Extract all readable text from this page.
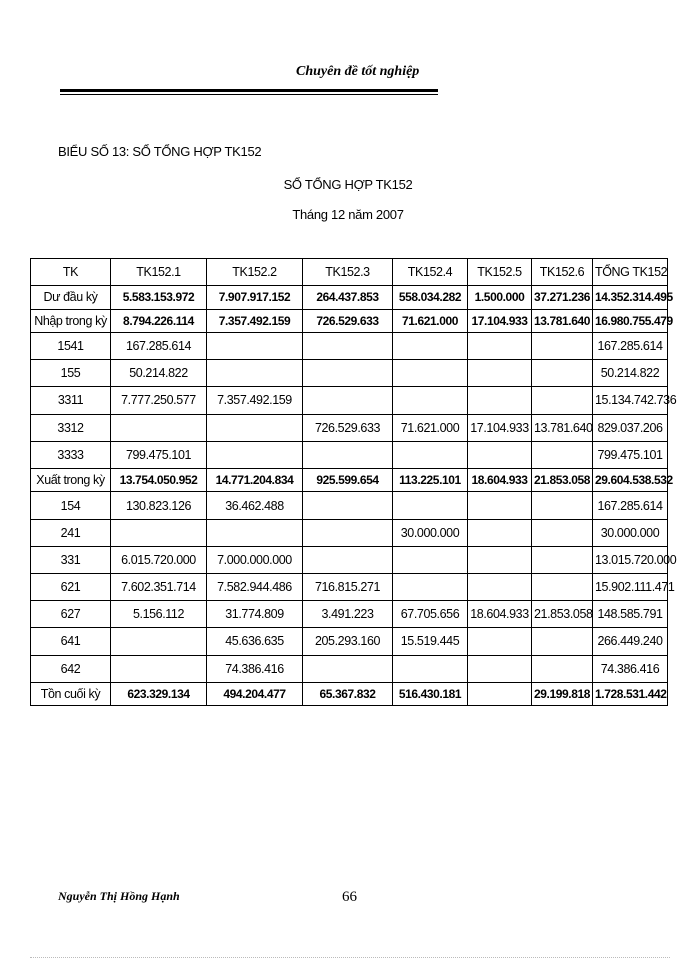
Chuyên đề tốt nghiệp
BIỂU SỐ 13: SỔ TỔNG HỢP TK152
SỔ TỔNG HỢP TK152
Tháng 12 năm 2007
TK	TK152.1	TK152.2	TK152.3	TK152.4	TK152.5	TK152.6	TỔNG TK152
Dư đầu kỳ	5.583.153.972	7.907.917.152	264.437.853	558.034.282	1.500.000	37.271.236	14.352.314.495
Nhập trong kỳ	8.794.226.114	7.357.492.159	726.529.633	71.621.000	17.104.933	13.781.640	16.980.755.479
1541	167.285.614						167.285.614
155	50.214.822						50.214.822
3311	7.777.250.577	7.357.492.159					15.134.742.736
3312			726.529.633	71.621.000	17.104.933	13.781.640	829.037.206
3333	799.475.101						799.475.101
Xuất trong kỳ	13.754.050.952	14.771.204.834	925.599.654	113.225.101	18.604.933	21.853.058	29.604.538.532
154	130.823.126	36.462.488					167.285.614
241				30.000.000			30.000.000
331	6.015.720.000	7.000.000.000					13.015.720.000
621	7.602.351.714	7.582.944.486	716.815.271				15.902.111.471
627	5.156.112	31.774.809	3.491.223	67.705.656	18.604.933	21.853.058	148.585.791
641		45.636.635	205.293.160	15.519.445			266.449.240
642		74.386.416					74.386.416
Tồn cuối kỳ	623.329.134	494.204.477	65.367.832	516.430.181		29.199.818	1.728.531.442
Nguyễn Thị Hồng Hạnh	66
